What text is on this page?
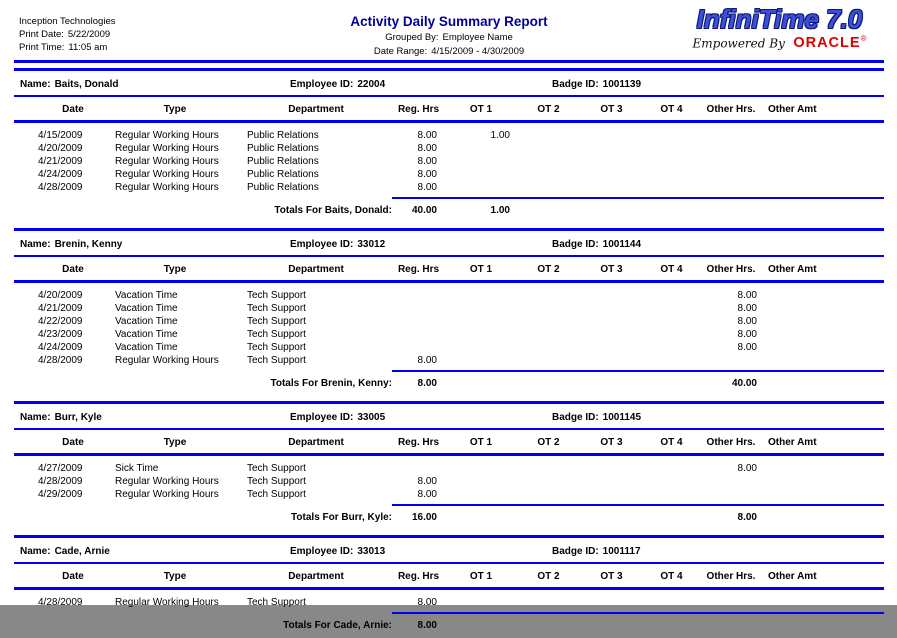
Inception Technologies
Print Date: 5/22/2009
Print Time: 11:05 am
Activity Daily Summary Report
Grouped By: Employee Name
Date Range: 4/15/2009 - 4/30/2009
InfiniTime 7.0
Empowered By ORACLE®
Name: Baits, Donald	Employee ID: 22004	Badge ID: 1001139
Date	Type	Department	Reg. Hrs	OT 1	OT 2	OT 3	OT 4	Other Hrs.	Other Amt
4/15/2009	Regular Working Hours	Public Relations	8.00	1.00					
4/20/2009	Regular Working Hours	Public Relations	8.00						
4/21/2009	Regular Working Hours	Public Relations	8.00						
4/24/2009	Regular Working Hours	Public Relations	8.00						
4/28/2009	Regular Working Hours	Public Relations	8.00						

Totals For Baits, Donald:			40.00	1.00					
Name: Brenin, Kenny	Employee ID: 33012	Badge ID: 1001144
Date	Type	Department	Reg. Hrs	OT 1	OT 2	OT 3	OT 4	Other Hrs.	Other Amt
4/20/2009	Vacation Time	Tech Support						8.00	
4/21/2009	Vacation Time	Tech Support						8.00	
4/22/2009	Vacation Time	Tech Support						8.00	
4/23/2009	Vacation Time	Tech Support						8.00	
4/24/2009	Vacation Time	Tech Support						8.00	
4/28/2009	Regular Working Hours	Tech Support	8.00						

Totals For Brenin, Kenny:			8.00					40.00	
Name: Burr, Kyle	Employee ID: 33005	Badge ID: 1001145
Date	Type	Department	Reg. Hrs	OT 1	OT 2	OT 3	OT 4	Other Hrs.	Other Amt
4/27/2009	Sick Time	Tech Support						8.00	
4/28/2009	Regular Working Hours	Tech Support	8.00						
4/29/2009	Regular Working Hours	Tech Support	8.00						

Totals For Burr, Kyle:			16.00					8.00	
Name: Cade, Arnie	Employee ID: 33013	Badge ID: 1001117
Date	Type	Department	Reg. Hrs	OT 1	OT 2	OT 3	OT 4	Other Hrs.	Other Amt
4/28/2009	Regular Working Hours	Tech Support	8.00						

Totals For Cade, Arnie:			8.00						
